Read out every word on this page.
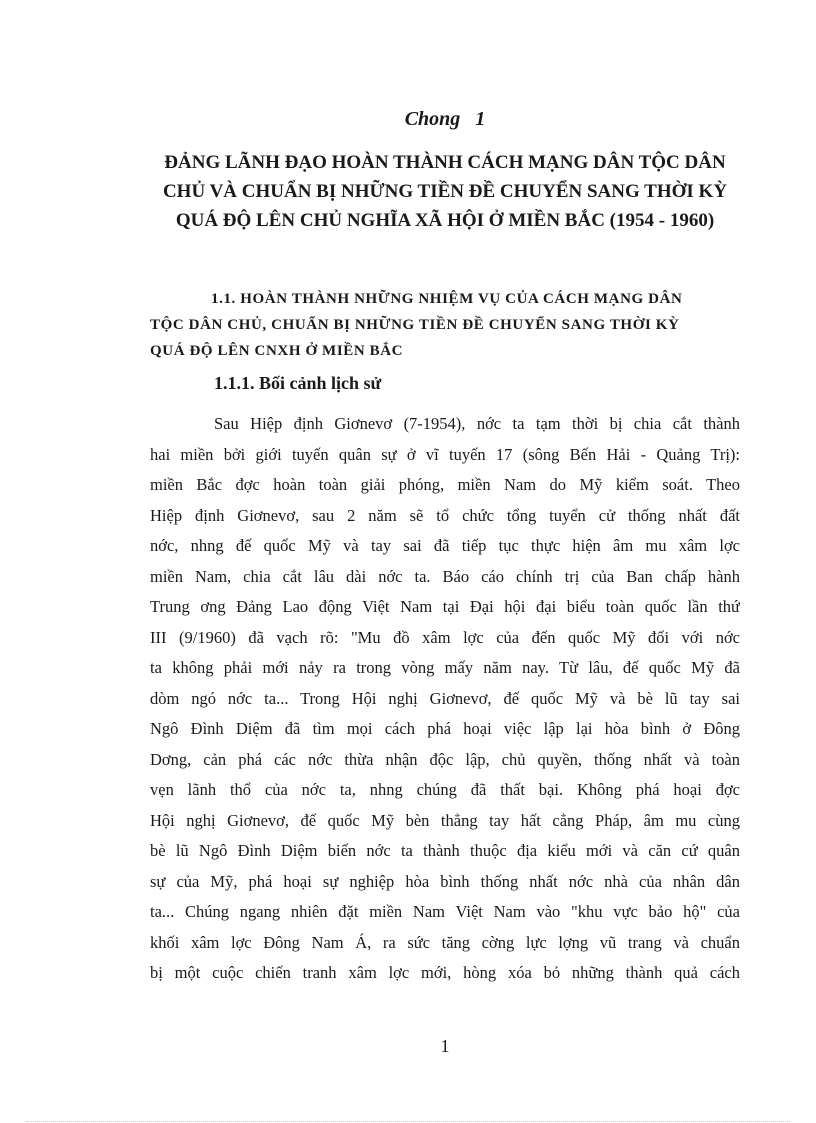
Chong 1
ĐẢNG LÃNH ĐẠO HOÀN THÀNH CÁCH MẠNG DÂN TỘC DÂN
CHỦ VÀ CHUẨN BỊ NHỮNG TIỀN ĐỀ CHUYỂN SANG THỜI KỲ
QUÁ ĐỘ LÊN CHỦ NGHĨA XÃ HỘI Ở MIỀN BẮC (1954 - 1960)
1.1. HOÀN THÀNH NHỮNG NHIỆM VỤ CỦA CÁCH MẠNG DÂN
TỘC DÂN CHỦ, CHUẨN BỊ NHỮNG TIỀN ĐỀ CHUYỂN SANG THỜI KỲ
QUÁ ĐỘ LÊN CNXH Ở MIỀN BẮC
1.1.1. Bối cảnh lịch sử
Sau Hiệp định Giơnevơ (7-1954), nớc ta tạm thời bị chia cắt thành
hai miền bởi giới tuyến quân sự ở vĩ tuyến 17 (sông Bến Hải - Quảng Trị):
miền Bắc đợc hoàn toàn giải phóng, miền Nam do Mỹ kiểm soát. Theo
Hiệp định Giơnevơ, sau 2 năm sẽ tổ chức tổng tuyển cử thống nhất đất
nớc, nhng đế quốc Mỹ và tay sai đã tiếp tục thực hiện âm mu xâm lợc
miền Nam, chia cắt lâu dài nớc ta. Báo cáo chính trị của Ban chấp hành
Trung ơng Đảng Lao động Việt Nam tại Đại hội đại biểu toàn quốc lần thứ
III (9/1960) đã vạch rõ: "Mu đồ xâm lợc của đến quốc Mỹ đối với nớc
ta không phải mới nảy ra trong vòng mấy năm nay. Từ lâu, đế quốc Mỹ đã
dòm ngó nớc ta... Trong Hội nghị Giơnevơ, đế quốc Mỹ và bè lũ tay sai
Ngô Đình Diệm đã tìm mọi cách phá hoại việc lập lại hòa bình ở Đông
Dơng, cản phá các nớc thừa nhận độc lập, chủ quyền, thống nhất và toàn
vẹn lãnh thổ của nớc ta, nhng chúng đã thất bại. Không phá hoại đợc
Hội nghị Giơnevơ, đế quốc Mỹ bèn thẳng tay hất cẳng Pháp, âm mu cùng
bè lũ Ngô Đình Diệm biến nớc ta thành thuộc địa kiểu mới và căn cứ quân
sự của Mỹ, phá hoại sự nghiệp hòa bình thống nhất nớc nhà của nhân dân
ta... Chúng ngang nhiên đặt miền Nam Việt Nam vào "khu vực bảo hộ" của
khối xâm lợc Đông Nam Á, ra sức tăng cờng lực lợng vũ trang và chuẩn
bị một cuộc chiến tranh xâm lợc mới, hòng xóa bỏ những thành quả cách
1
